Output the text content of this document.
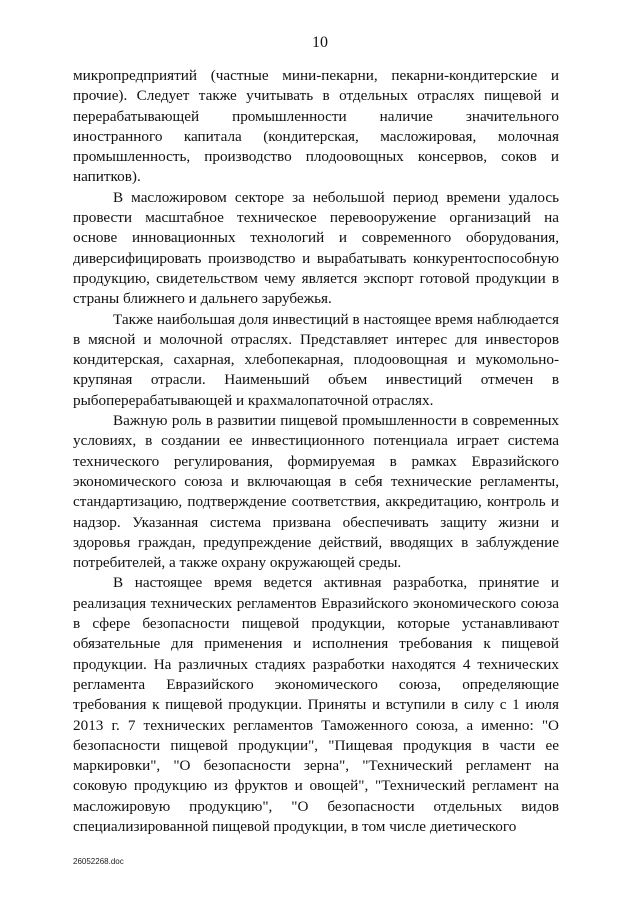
10

микропредприятий (частные мини-пекарни, пекарни-кондитерские и прочие). Следует также учитывать в отдельных отраслях пищевой и перерабатывающей промышленности наличие значительного иностранного капитала (кондитерская, масложировая, молочная промышленность, производство плодоовощных консервов, соков и напитков).

В масложировом секторе за небольшой период времени удалось провести масштабное техническое перевооружение организаций на основе инновационных технологий и современного оборудования, диверсифицировать производство и вырабатывать конкурентоспособную продукцию, свидетельством чему является экспорт готовой продукции в страны ближнего и дальнего зарубежья.

Также наибольшая доля инвестиций в настоящее время наблюдается в мясной и молочной отраслях. Представляет интерес для инвесторов кондитерская, сахарная, хлебопекарная, плодоовощная и мукомольно-крупяная отрасли. Наименьший объем инвестиций отмечен в рыбоперерабатывающей и крахмалопаточной отраслях.

Важную роль в развитии пищевой промышленности в современных условиях, в создании ее инвестиционного потенциала играет система технического регулирования, формируемая в рамках Евразийского экономического союза и включающая в себя технические регламенты, стандартизацию, подтверждение соответствия, аккредитацию, контроль и надзор. Указанная система призвана обеспечивать защиту жизни и здоровья граждан, предупреждение действий, вводящих в заблуждение потребителей, а также охрану окружающей среды.

В настоящее время ведется активная разработка, принятие и реализация технических регламентов Евразийского экономического союза в сфере безопасности пищевой продукции, которые устанавливают обязательные для применения и исполнения требования к пищевой продукции. На различных стадиях разработки находятся 4 технических регламента Евразийского экономического союза, определяющие требования к пищевой продукции. Приняты и вступили в силу с 1 июля 2013 г. 7 технических регламентов Таможенного союза, а именно: "О безопасности пищевой продукции", "Пищевая продукция в части ее маркировки", "О безопасности зерна", "Технический регламент на соковую продукцию из фруктов и овощей", "Технический регламент на масложировую продукцию", "О безопасности отдельных видов специализированной пищевой продукции, в том числе диетического

26052268.doc
